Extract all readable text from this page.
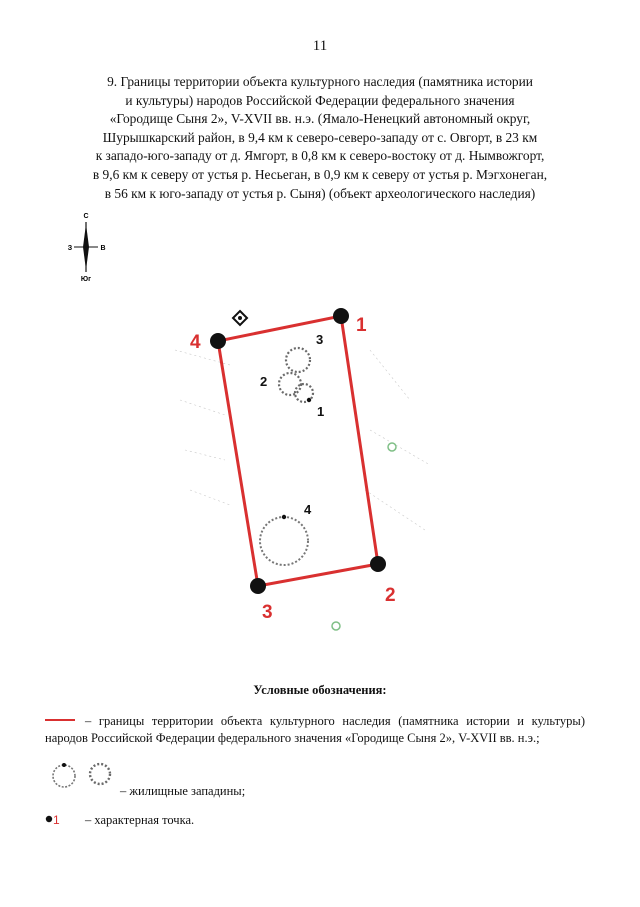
11
9. Границы территории объекта культурного наследия (памятника истории
и культуры) народов Российской Федерации федерального значения
«Городище Сыня 2», V-XVII вв. н.э. (Ямало-Ненецкий автономный округ,
Шурышкарский район, в 9,4 км к северо-северо-западу от с. Овгорт, в 23 км
к западо-юго-западу от д. Ямгорт, в 0,8 км к северо-востоку от д. Нымвожгорт,
в 9,6 км к северу от устья р. Несьеган, в 0,9 км к северу от устья р. Мэгхонеган,
в 56 км к юго-западу от устья р. Сыня) (объект археологического наследия)
С
З	В
Юг
1
2
3
4	3
2
1
4
Условные обозначения:
– границы территории объекта культурного наследия (памятника истории и культуры)
народов Российской Федерации федерального значения «Городище Сыня 2», V-XVII вв. н.э.;
– жилищные западины;
1 – характерная точка.
